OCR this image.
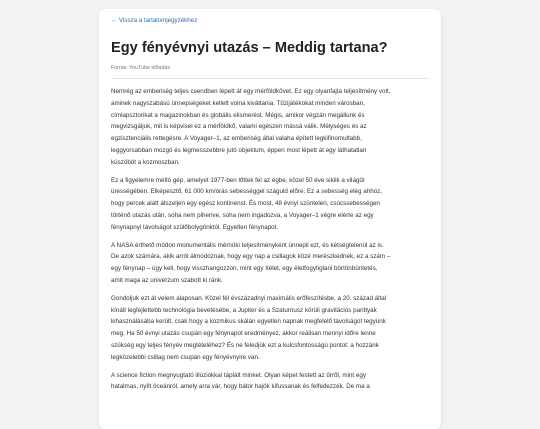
← Vissza a tartalomjegyzékhez
Egy fényévnyi utazás – Meddig tartana?
Forrás: YouTube előadás

Nemrég az emberiség teljes csendben lépett át egy mérföldkövet. Ez egy olyanfajta teljesítmény volt,
aminek nagyszabású ünnepségeket kellett volna kiváltania. Tűzijátékokat minden városban,
címlapsztorikat a magazinokban és globális elismerést. Mégis, amikor végzán megállunk és
megvizsgáljuk, mit is képvisel ez a mérföldkő, valami egészen mássá válik. Mélységes és az
egzisztenciális rettegésre. A Voyager–1, az emberiség által valaha épített legkifinomultabb,
leggyorsabban mozgó és legmesszebbre jutó objektum, éppen most lépett át egy láthatatlan
küszöböt a kozmoszban.

Ez a figyelemre méltó gép, amelyet 1977-ben lőttek fel az égbe, közel 50 éve siklik a világűr
ürességében. Elképesztő, 61 000 km/órás sebességgel száguld előre. Ez a sebesség elég ahhoz,
hogy percek alatt átszeljen egy egész kontinenst. És most, 48 évnyi szüntelen, csúcssebességen
történő utazás után, soha nem pihenve, soha nem ingadozva, a Voyager–1 végre elérte az egy
fénynapnyi távolságot szülőbolygónktól. Egyetlen fénynapot.

A NASA érthető módon monumentális mérnöki teljesítményként ünnepli ezt, és kétségtelenül az is.
De azok számára, akik arról álmodoznak, hogy egy nap a csillagok közé merészkednek, ez a szám –
egy fénynap – úgy kell, hogy visszhangozzon, mint egy ítélet, egy életfogytiglani börtönbüntetés,
amit maga az univerzum szabott ki ránk.

Gondoljuk ezt át velem alaposan. Közel fél évszázadnyi maximális erőfeszítésbe, a 20. század által
kínált legfejlettebb technológia bevetésébe, a Jupiter és a Szaturnusz körüli gravitációs parittyák
kihasználásába került, csak hogy a kozmikus skálán egyetlen napnak megfelelő távolságot tegyünk
meg. Ha 50 évnyi utazás csupán egy fénynapot eredményez, akkor reálisan mennyi időre lenne
szükség egy teljes fényév megtételéhez? És ne feledjük ezt a kulcsfontosságú pontot: a hozzánk
legközelebbi csillag nem csupán egy fényévnyire van.

A science fiction megnyugtató illúziókkal táplált minket. Olyan képet festett az űrről, mint egy
hatalmas, nyílt óceánról, amely arra vár, hogy bátor hajók kifussanak és felfedezzék. De ma a
